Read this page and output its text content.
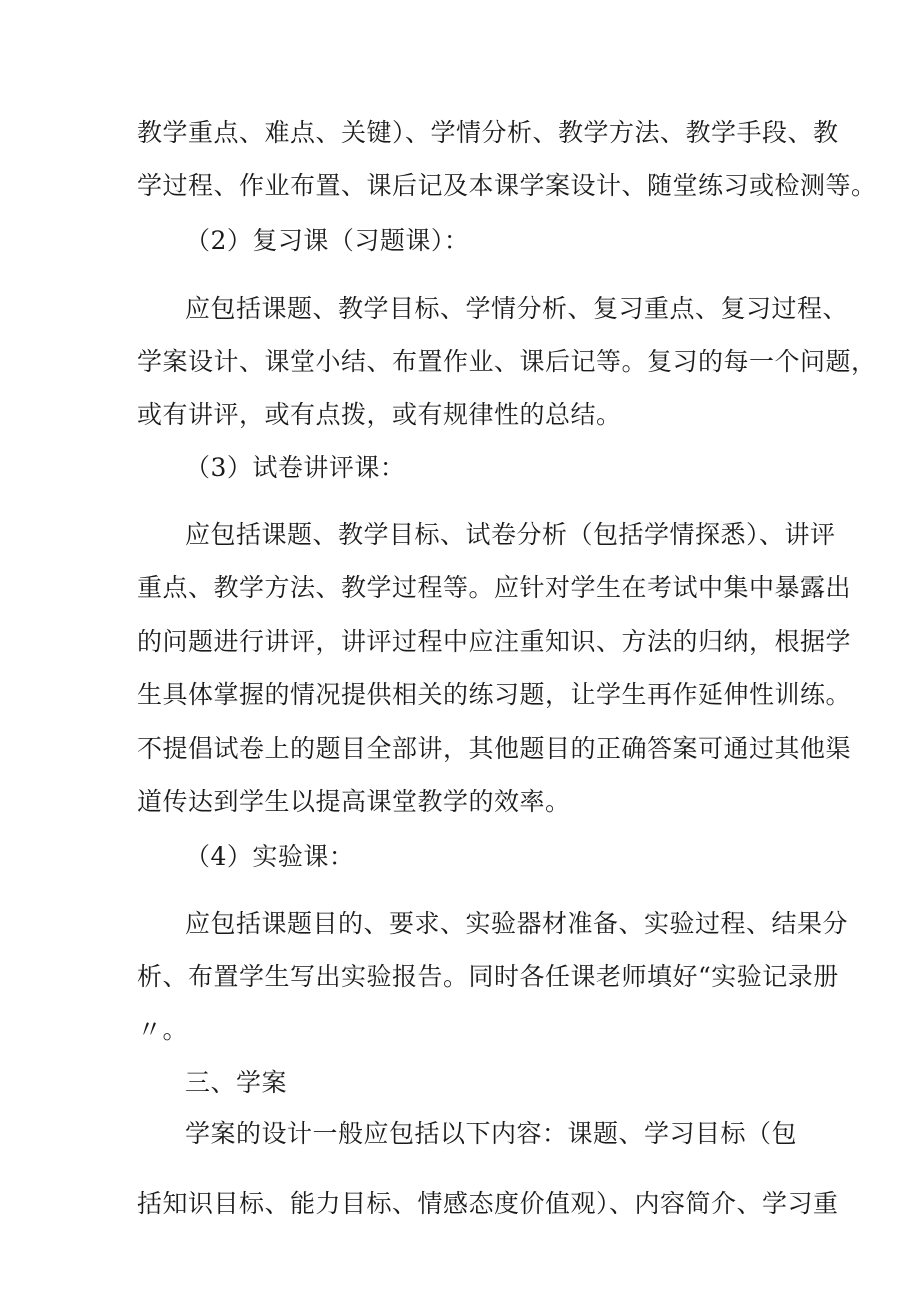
教学重点、难点、关键）、学情分析、教学方法、教学手段、教
学过程、作业布置、课后记及本课学案设计、随堂练习或检测等。
（2）复习课（习题课）：
应包括课题、教学目标、学情分析、复习重点、复习过程、
学案设计、课堂小结、布置作业、课后记等。复习的每一个问题，
或有讲评，或有点拨，或有规律性的总结。
（3）试卷讲评课：
应包括课题、教学目标、试卷分析（包括学情探悉）、讲评
重点、教学方法、教学过程等。应针对学生在考试中集中暴露出
的问题进行讲评，讲评过程中应注重知识、方法的归纳，根据学
生具体掌握的情况提供相关的练习题，让学生再作延伸性训练。
不提倡试卷上的题目全部讲，其他题目的正确答案可通过其他渠
道传达到学生以提高课堂教学的效率。
（4）实验课：
应包括课题目的、要求、实验器材准备、实验过程、结果分
析、布置学生写出实验报告。同时各任课老师填好“实验记录册
〃。
三、学案
学案的设计一般应包括以下内容：课题、学习目标（包
括知识目标、能力目标、情感态度价值观）、内容简介、学习重
